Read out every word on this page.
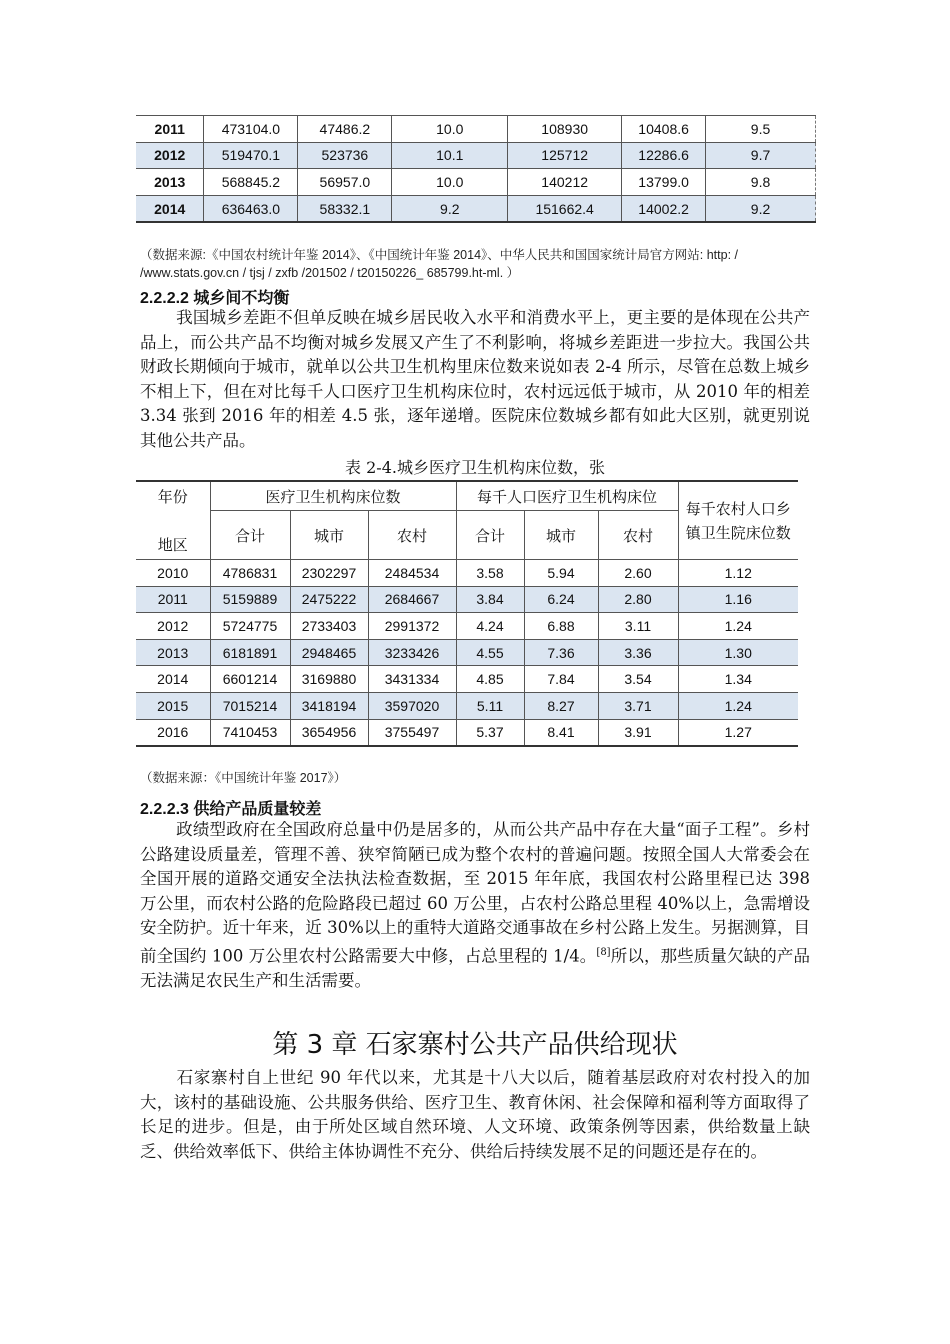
2011	473104.0	47486.2	10.0	108930	10408.6	9.5
2012	519470.1	523736	10.1	125712	12286.6	9.7
2013	568845.2	56957.0	10.0	140212	13799.0	9.8
2014	636463.0	58332.1	9.2	151662.4	14002.2	9.2
（数据来源:《中国农村统计年鉴 2014》、《中国统计年鉴 2014》、中华人民共和国国家统计局官方网站: http: / /www.stats.gov.cn / tjsj / zxfb /201502 / t20150226_ 685799.ht-ml. ）
2.2.2.2 城乡间不均衡
我国城乡差距不但单反映在城乡居民收入水平和消费水平上，更主要的是体现在公共产品上，而公共产品不均衡对城乡发展又产生了不利影响，将城乡差距进一步拉大。我国公共财政长期倾向于城市，就单以公共卫生机构里床位数来说如表 2-4 所示，尽管在总数上城乡不相上下，但在对比每千人口医疗卫生机构床位时，农村远远低于城市，从 2010 年的相差 3.34 张到 2016 年的相差 4.5 张，逐年递增。医院床位数城乡都有如此大区别，就更别说其他公共产品。
表 2-4.城乡医疗卫生机构床位数，张
年份
地区	医疗卫生机构床位数			每千人口医疗卫生机构床位			每千农村人口乡镇卫生院床位数
	合计	城市	农村	合计	城市	农村	
2010	4786831	2302297	2484534	3.58	5.94	2.60	1.12
2011	5159889	2475222	2684667	3.84	6.24	2.80	1.16
2012	5724775	2733403	2991372	4.24	6.88	3.11	1.24
2013	6181891	2948465	3233426	4.55	7.36	3.36	1.30
2014	6601214	3169880	3431334	4.85	7.84	3.54	1.34
2015	7015214	3418194	3597020	5.11	8.27	3.71	1.24
2016	7410453	3654956	3755497	5.37	8.41	3.91	1.27
（数据来源：《中国统计年鉴 2017》）
2.2.2.3 供给产品质量较差
政绩型政府在全国政府总量中仍是居多的，从而公共产品中存在大量“面子工程”。乡村公路建设质量差，管理不善、狭窄简陋已成为整个农村的普遍问题。按照全国人大常委会在全国开展的道路交通安全法执法检查数据，至 2015 年年底，我国农村公路里程已达 398 万公里，而农村公路的危险路段已超过 60 万公里，占农村公路总里程 40%以上，急需增设安全防护。近十年来，近 30%以上的重特大道路交通事故在乡村公路上发生。另据测算，目前全国约 100 万公里农村公路需要大中修，占总里程的 1/4。[8]所以，那些质量欠缺的产品无法满足农民生产和生活需要。
第 3 章 石家寨村公共产品供给现状
石家寨村自上世纪 90 年代以来，尤其是十八大以后，随着基层政府对农村投入的加大，该村的基础设施、公共服务供给、医疗卫生、教育休闲、社会保障和福利等方面取得了长足的进步。但是，由于所处区域自然环境、人文环境、政策条例等因素，供给数量上缺乏、供给效率低下、供给主体协调性不充分、供给后持续发展不足的问题还是存在的。
